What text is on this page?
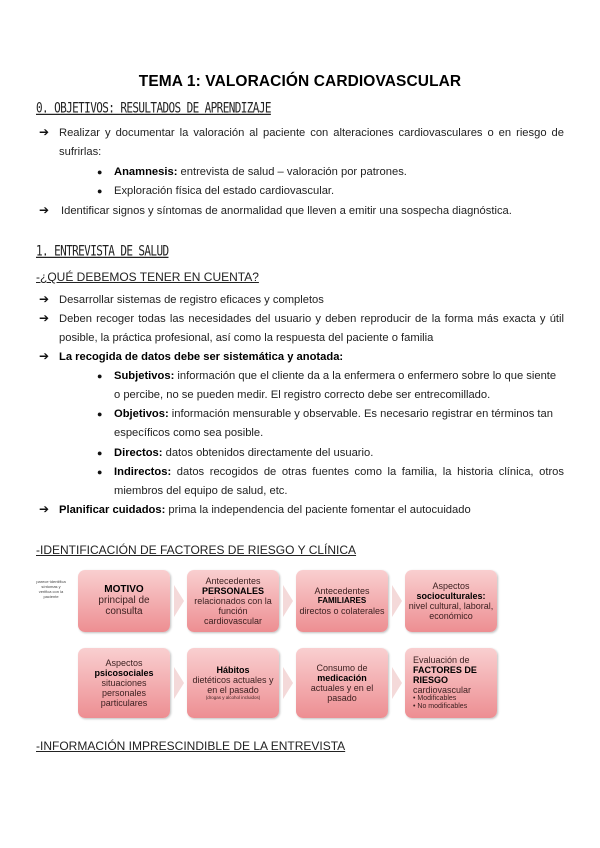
TEMA 1: VALORACIÓN CARDIOVASCULAR
0. OBJETIVOS: RESULTADOS DE APRENDIZAJE
➔ Realizar y documentar la valoración al paciente con alteraciones cardiovasculares o en riesgo de
sufrirlas:
● Anamnesis: entrevista de salud – valoración por patrones.
● Exploración física del estado cardiovascular.
➔ Identificar signos y síntomas de anormalidad que lleven a emitir una sospecha diagnóstica.
1. ENTREVISTA DE SALUD
-¿QUÉ DEBEMOS TENER EN CUENTA?
➔ Desarrollar sistemas de registro eficaces y completos
➔ Deben recoger todas las necesidades del usuario y deben reproducir de la forma más exacta y útil
posible, la práctica profesional, así como la respuesta del paciente o familia
➔ La recogida de datos debe ser sistemática y anotada:
● Subjetivos: información que el cliente da a la enfermera o enfermero sobre lo que siente
o percibe, no se pueden medir. El registro correcto debe ser entrecomillado.
● Objetivos: información mensurable y observable. Es necesario registrar en términos tan
específicos como sea posible.
● Directos: datos obtenidos directamente del usuario.
● Indirectos: datos recogidos de otras fuentes como la familia, la historia clínica, otros
miembros del equipo de salud, etc.
➔ Planificar cuidados: prima la independencia del paciente fomentar el autocuidado
-IDENTIFICACIÓN DE FACTORES DE RIESGO Y CLÍNICA
parece·identifica síntomas y verifica con la paciente
MOTIVO
principal de consulta
Antecedentes
PERSONALES
relacionados con la función cardiovascular
Antecedentes
FAMILIARES
directos o colaterales
Aspectos
socioculturales:
nivel cultural, laboral, económico
Aspectos
psicosociales
situaciones personales particulares
Hábitos
dietéticos actuales y en el pasado
(drogas y alcohol incluidos)
Consumo de
medicación
actuales y en el pasado
Evaluación de
FACTORES DE RIESGO
cardiovascular
• Modificables
• No modificables
-INFORMACIÓN IMPRESCINDIBLE DE LA ENTREVISTA
